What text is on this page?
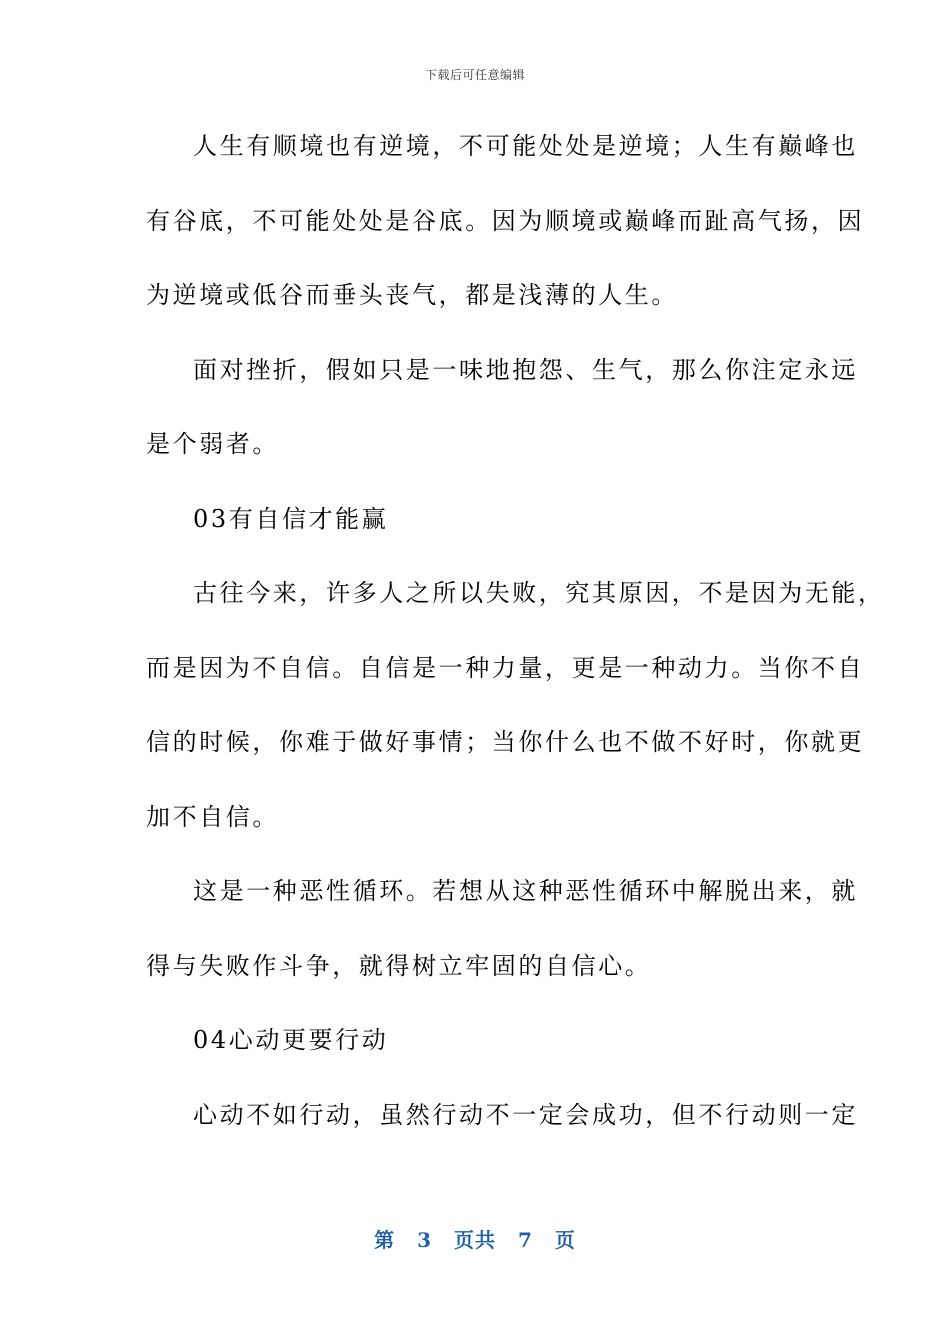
下载后可任意编辑
人生有顺境也有逆境，不可能处处是逆境；人生有巅峰也
有谷底，不可能处处是谷底。因为顺境或巅峰而趾高气扬，因
为逆境或低谷而垂头丧气，都是浅薄的人生。
面对挫折，假如只是一味地抱怨、生气，那么你注定永远
是个弱者。
03有自信才能赢
古往今来，许多人之所以失败，究其原因，不是因为无能，
而是因为不自信。自信是一种力量，更是一种动力。当你不自
信的时候，你难于做好事情；当你什么也不做不好时，你就更
加不自信。
这是一种恶性循环。若想从这种恶性循环中解脱出来，就
得与失败作斗争，就得树立牢固的自信心。
04心动更要行动
心动不如行动，虽然行动不一定会成功，但不行动则一定
第 3 页共 7 页
